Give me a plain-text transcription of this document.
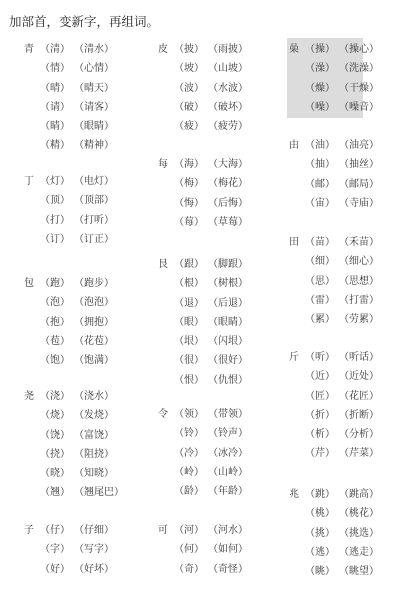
加部首，变新字，再组词。
青 （清） （清水）
（情） （心情）
（晴） （晴天）
（请） （请客）
（睛） （眼睛）
（精） （精神）
丁 （灯） （电灯）
（顶） （顶部）
（打） （打听）
（订） （订正）
包 （跑） （跑步）
（泡） （泡泡）
（抱） （拥抱）
（苞） （花苞）
（饱） （饱满）
尧 （浇） （浇水）
（烧） （发烧）
（饶） （富饶）
（挠） （阻挠）
（晓） （知晓）
（翘） （翘尾巴）
子 （仔） （仔细）
（字） （写字）
（好） （好坏）
皮 （披） （雨披）
（坡） （山坡）
（波） （水波）
（破） （破坏）
（疲） （疲劳）
每 （海） （大海）
（梅） （梅花）
（悔） （后悔）
（莓） （草莓）
艮 （跟） （脚跟）
（根） （树根）
（退） （后退）
（眼） （眼睛）
（垠） （闪垠）
（很） （很好）
（恨） （仇恨）
令 （领） （带领）
（铃） （铃声）
（冷） （冰冷）
（岭） （山岭）
（龄） （年龄）
可 （河） （河水）
（何） （如何）
（奇） （奇怪）
喿 （操） （操心）
（澡） （洗澡）
（燥） （干燥）
（噪） （噪音）
由 （油） （油亮）
（抽） （抽丝）
（邮） （邮局）
（宙） （寺庙）
田 （苗） （禾苗）
（细） （细心）
（思） （思想）
（雷） （打雷）
（累） （劳累）
斤 （听） （听话）
（近） （近处）
（匠） （花匠）
（折） （折断）
（析） （分析）
（芹） （芹菜）
兆 （跳） （跳高）
（桃） （桃花）
（挑） （挑选）
（逃） （逃走）
（眺） （眺望）
